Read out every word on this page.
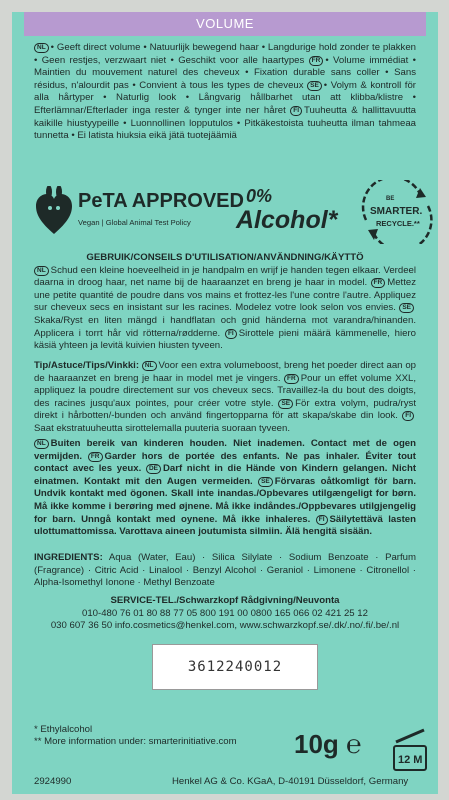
VOLUME
NL • Geeft direct volume • Natuurlijk bewegend haar • Langdurige hold zonder te plakken • Geen restjes, verzwaart niet • Geschikt voor alle haartypes FR • Volume immédiat • Maintien du mouvement naturel des cheveux • Fixation durable sans coller • Sans résidus, n'alourdit pas • Convient à tous les types de cheveux SE • Volym & kontroll för alla hårtyper • Naturlig look • Långvarig hållbarhet utan att klibba/klistre • Efterlämnar/Efterlader inga rester & tynger inte ner håret FI Tuuheutta & hallittavuutta kaikille hiustyypeille • Luonnollinen lopputulos • Pitkäkestoista tuuheutta ilman tahmeaa tunnetta • Ei latista hiuksia eikä jätä tuotejäämiä
PeTA APPROVED
Vegan | Global Animal Test Policy
0%
Alcohol*
BE
SMARTER.
RECYCLE.**
GEBRUIK/CONSEILS D'UTILISATION/ANVÄNDNING/KÄYTTÖ
NL Schud een kleine hoeveelheid in je handpalm en wrijf je handen tegen elkaar. Verdeel daarna in droog haar, net name bij de haaraanzet en breng je haar in model. FR Mettez une petite quantité de poudre dans vos mains et frottez-les l'une contre l'autre. Appliquez sur cheveux secs en insistant sur les racines. Modelez votre look selon vos envies. SESkaka/Ryst en liten mängd i handflatan och gnid händerna mot varandra/hinanden. Applicera i torrt hår vid rötterna/rødderne. FI Sirottele pieni määrä kämmenelle, hiero käsiä yhteen ja levitä kuivien hiusten tyveen.
Tip/Astuce/Tips/Vinkki: NL Voor een extra volumeboost, breng het poeder direct aan op de haaraanzet en breng je haar in model met je vingers. FR Pour un effet volume XXL, appliquez la poudre directement sur vos cheveux secs. Travaillez-la du bout des doigts, des racines jusqu'aux pointes, pour créer votre style. SE För extra volym, pudra/ryst direkt i hårbotten/-bunden och använd fingertopparna för att skapa/skabe din look. FISaat ekstratuuheutta sirottelemalla puuteria suoraan tyveen.
NL Buiten bereik van kinderen houden. Niet inademen. Contact met de ogen vermijden. FR Garder hors de portée des enfants. Ne pas inhaler. Éviter tout contact avec les yeux. DE Darf nicht in die Hände von Kindern gelangen. Nicht einatmen. Kontakt mit den Augen vermeiden. SE Förvaras oåtkomligt för barn. Undvik kontakt med ögonen. Skall inte inandas./Opbevares utilgængeligt for børn. Må ikke komme i berøring med øjnene. Må ikke indåndes./Oppbevares utilgjengelig for barn. Unngå kontakt med oynene. Må ikke inhaleres. FI Säilytettävä lasten ulottumattomissa. Varottava aineen joutumista silmiin. Älä hengitä sisään.
INGREDIENTS: Aqua (Water, Eau) · Silica Silylate · Sodium Benzoate · Parfum (Fragrance) · Citric Acid · Linalool · Benzyl Alcohol · Geraniol · Limonene · Citronellol · Alpha-Isomethyl Ionone · Methyl Benzoate
SERVICE-TEL./Schwarzkopf Rådgivning/Neuvonta
010-480 76 01 80 88 77 05 800 191 00 0800 165 066 02 421 25 12
030 607 36 50 info.cosmetics@henkel.com, www.schwarzkopf.se/.dk/.no/.fi/.be/.nl
3612240012
* Ethylalcohol
** More information under: smarterinitiative.com 10g ℮
12 M
2924990	Henkel AG & Co. KGaA, D-40191 Düsseldorf, Germany
